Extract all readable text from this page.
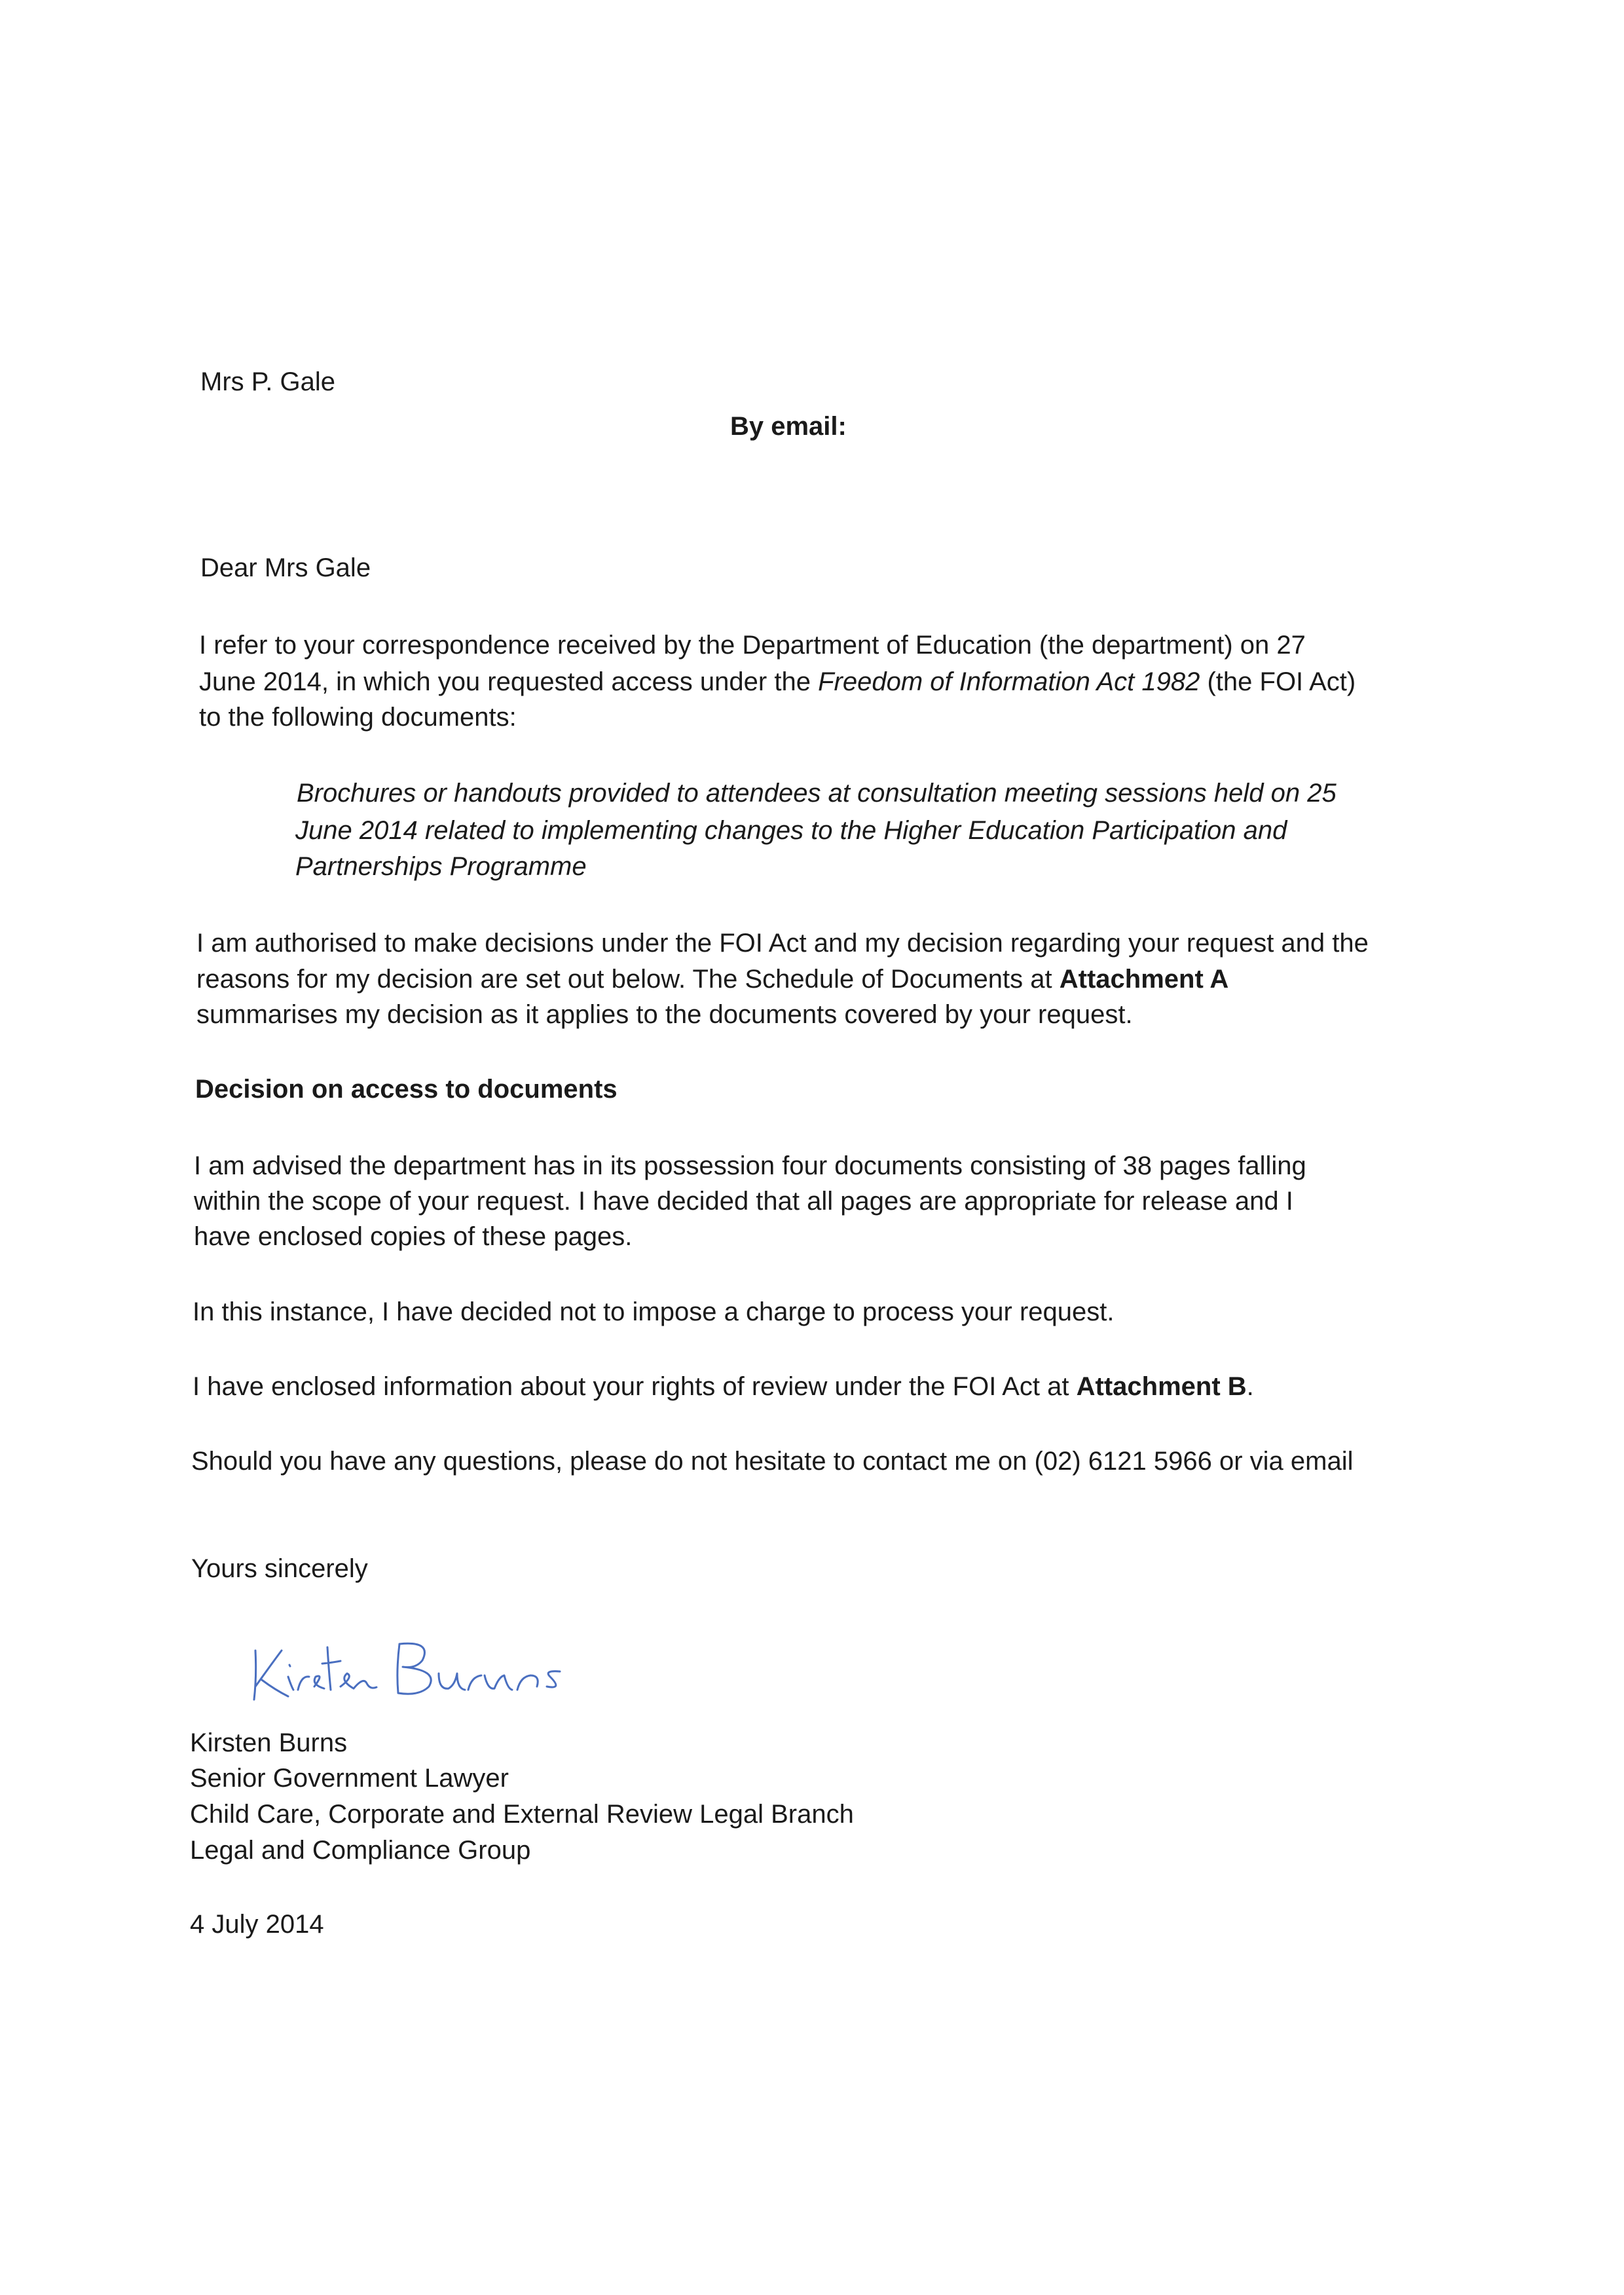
Mrs P. Gale
By email:
Dear Mrs Gale
I refer to your correspondence received by the Department of Education (the department) on 27
June 2014, in which you requested access under the Freedom of Information Act 1982 (the FOI Act)
to the following documents:
Brochures or handouts provided to attendees at consultation meeting sessions held on 25
June 2014 related to implementing changes to the Higher Education Participation and
Partnerships Programme
I am authorised to make decisions under the FOI Act and my decision regarding your request and the
reasons for my decision are set out below. The Schedule of Documents at Attachment A
summarises my decision as it applies to the documents covered by your request.
Decision on access to documents
I am advised the department has in its possession four documents consisting of 38 pages falling
within the scope of your request. I have decided that all pages are appropriate for release and I
have enclosed copies of these pages.
In this instance, I have decided not to impose a charge to process your request.
I have enclosed information about your rights of review under the FOI Act at Attachment B.
Should you have any questions, please do not hesitate to contact me on (02) 6121 5966 or via email
Yours sincerely
Kirsten Burns
Senior Government Lawyer
Child Care, Corporate and External Review Legal Branch
Legal and Compliance Group
4 July 2014
